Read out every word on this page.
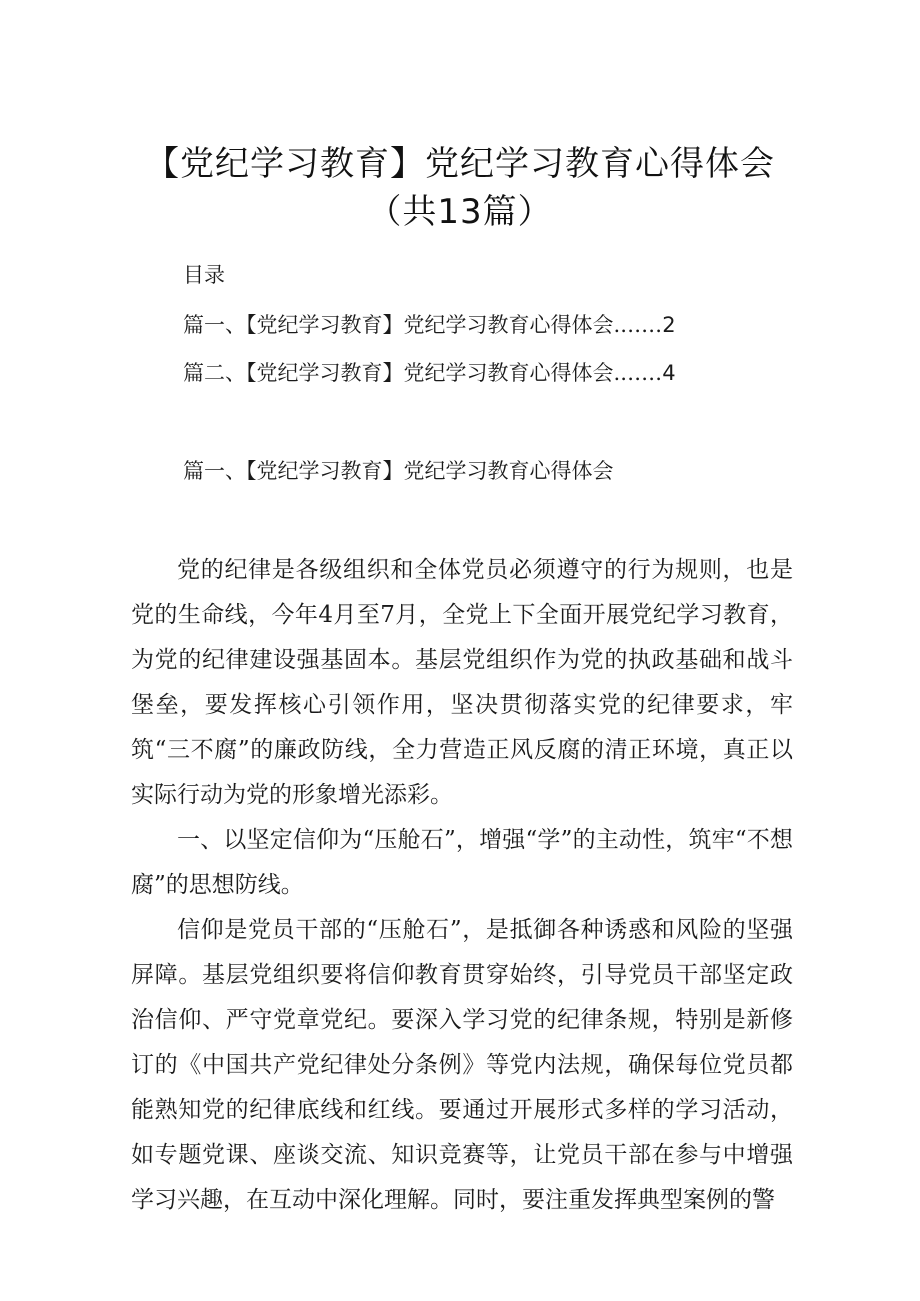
【党纪学习教育】党纪学习教育心得体会
（共13篇）
目录
篇一、【党纪学习教育】党纪学习教育心得体会.……2
篇二、【党纪学习教育】党纪学习教育心得体会.……4
篇一、【党纪学习教育】党纪学习教育心得体会

党的纪律是各级组织和全体党员必须遵守的行为规则，也是党的生命线，今年4月至7月，全党上下全面开展党纪学习教育，为党的纪律建设强基固本。基层党组织作为党的执政基础和战斗堡垒，要发挥核心引领作用，坚决贯彻落实党的纪律要求，牢筑“三不腐”的廉政防线，全力营造正风反腐的清正环境，真正以实际行动为党的形象增光添彩。

一、以坚定信仰为“压舱石”，增强“学”的主动性，筑牢“不想腐”的思想防线。

信仰是党员干部的“压舱石”，是抵御各种诱惑和风险的坚强屏障。基层党组织要将信仰教育贯穿始终，引导党员干部坚定政治信仰、严守党章党纪。要深入学习党的纪律条规，特别是新修订的《中国共产党纪律处分条例》等党内法规，确保每位党员都能熟知党的纪律底线和红线。要通过开展形式多样的学习活动，如专题党课、座谈交流、知识竞赛等，让党员干部在参与中增强学习兴趣，在互动中深化理解。同时，要注重发挥典型案例的警
